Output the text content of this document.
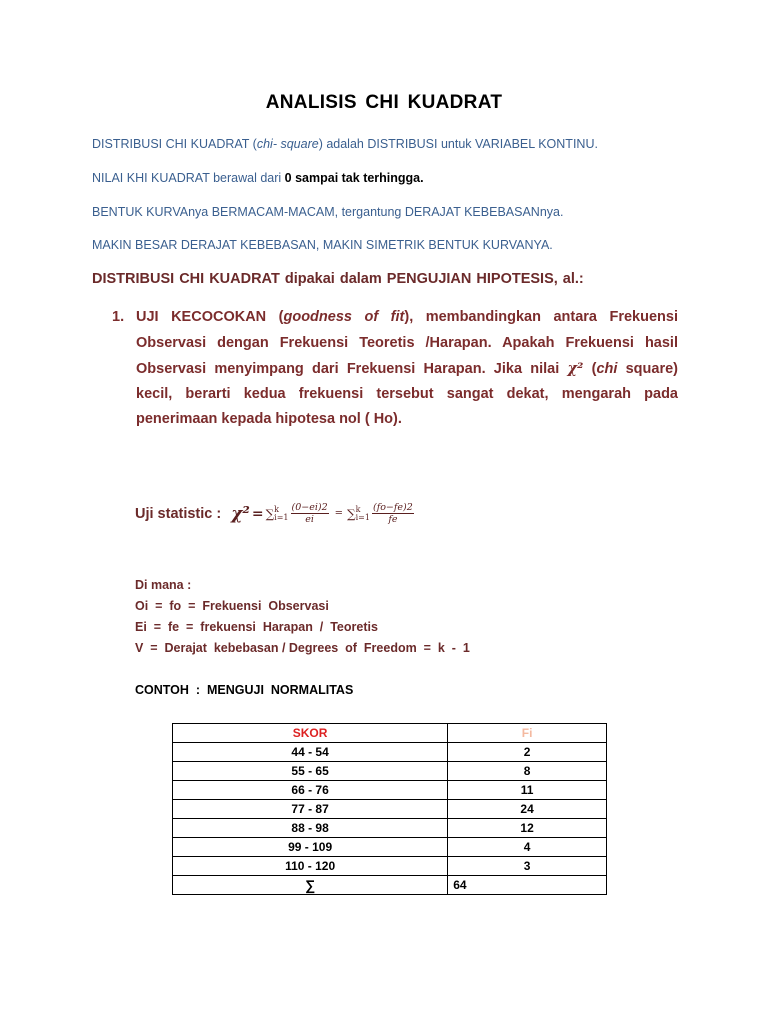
ANALISIS CHI KUADRAT
DISTRIBUSI CHI KUADRAT (chi- square) adalah DISTRIBUSI untuk VARIABEL KONTINU.
NILAI KHI KUADRAT berawal dari 0 sampai tak terhingga.
BENTUK KURVAnya BERMACAM-MACAM, tergantung DERAJAT KEBEBASANnya.
MAKIN BESAR DERAJAT KEBEBASAN, MAKIN SIMETRIK BENTUK KURVANYA.
DISTRIBUSI CHI KUADRAT dipakai dalam PENGUJIAN HIPOTESIS, al.:
1. UJI KECOCOKAN (goodness of fit), membandingkan antara Frekuensi
Observasi dengan Frekuensi Teoretis /Harapan. Apakah Frekuensi hasil
Observasi menyimpang dari Frekuensi Harapan. Jika nilai χ² (chi square)
kecil, berarti kedua frekuensi tersebut sangat dekat, mengarah pada
penerimaan kepada hipotesa nol ( Ho).
Uji statistic : χ² = ∑ k
$i=1 \frac{(0-ei)2}{ei}$ = ∑ k
$i=1 \frac{(fo-fe)2}{fe}$
Di mana :
Oi  =  fo  =  Frekuensi  Observasi
Ei  =  fe  =  frekuensi  Harapan  /  Teoretis
V  =  Derajat  kebebasan / Degrees  of  Freedom  =  k  -  1
CONTOH  :  MENGUJI  NORMALITAS
SKOR	Fi
44 - 54	2
55 - 65	8
66 - 76	11
77 - 87	24
88 - 98	12
99 - 109	4
110 - 120	3
∑	64
